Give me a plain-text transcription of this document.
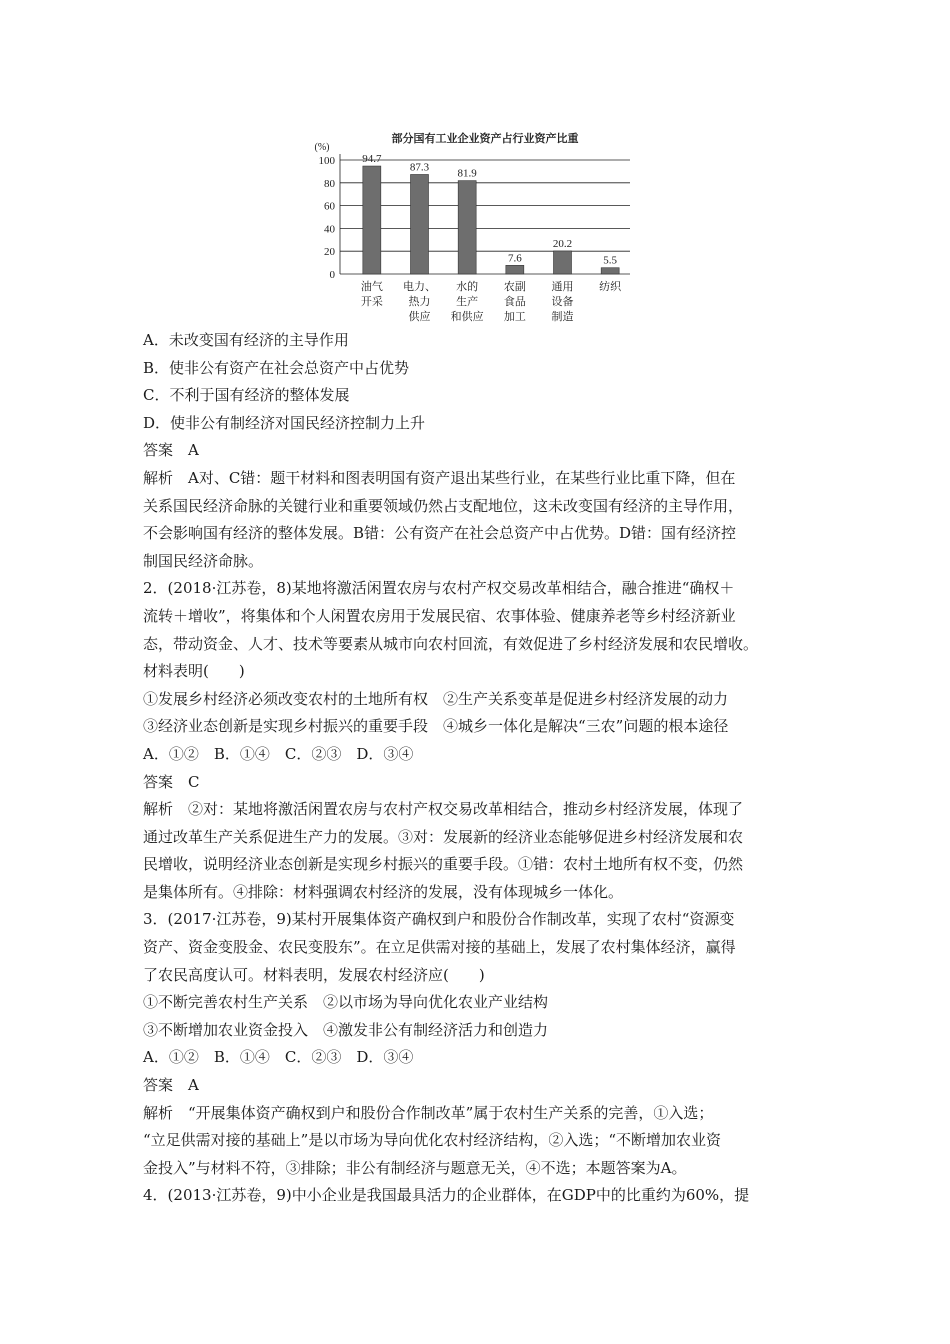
部分国有工业企业资产占行业资产比重
(%)
0
20
40
60
80
100 94.7
油气
开采
87.3
电力、
热力
供应
81.9
水的
生产
和供应
7.6
农副
食品
加工
20.2
通用
设备
制造
5.5
纺织

A．未改变国有经济的主导作用

B．使非公有资产在社会总资产中占优势

C．不利于国有经济的整体发展

D．使非公有制经济对国民经济控制力上升

答案　A

解析　A对、C错：题干材料和图表明国有资产退出某些行业，在某些行业比重下降，但在

关系国民经济命脉的关键行业和重要领域仍然占支配地位，这未改变国有经济的主导作用，

不会影响国有经济的整体发展。B错：公有资产在社会总资产中占优势。D错：国有经济控

制国民经济命脉。

2．(2018·江苏卷，8)某地将激活闲置农房与农村产权交易改革相结合，融合推进“确权＋

流转＋增收”，将集体和个人闲置农房用于发展民宿、农事体验、健康养老等乡村经济新业

态，带动资金、人才、技术等要素从城市向农村回流，有效促进了乡村经济发展和农民增收。

材料表明(　　)

①发展乡村经济必须改变农村的土地所有权　②生产关系变革是促进乡村经济发展的动力

③经济业态创新是实现乡村振兴的重要手段　④城乡一体化是解决“三农”问题的根本途径

A．①②　B．①④　C．②③　D．③④

答案　C

解析　②对：某地将激活闲置农房与农村产权交易改革相结合，推动乡村经济发展，体现了

通过改革生产关系促进生产力的发展。③对：发展新的经济业态能够促进乡村经济发展和农

民增收，说明经济业态创新是实现乡村振兴的重要手段。①错：农村土地所有权不变，仍然

是集体所有。④排除：材料强调农村经济的发展，没有体现城乡一体化。

3．(2017·江苏卷，9)某村开展集体资产确权到户和股份合作制改革，实现了农村“资源变

资产、资金变股金、农民变股东”。在立足供需对接的基础上，发展了农村集体经济，赢得

了农民高度认可。材料表明，发展农村经济应(　　)

①不断完善农村生产关系　②以市场为导向优化农业产业结构

③不断增加农业资金投入　④激发非公有制经济活力和创造力

A．①②　B．①④　C．②③　D．③④

答案　A

解析　“开展集体资产确权到户和股份合作制改革”属于农村生产关系的完善，①入选；

“立足供需对接的基础上”是以市场为导向优化农村经济结构，②入选；“不断增加农业资

金投入”与材料不符，③排除；非公有制经济与题意无关，④不选；本题答案为A。

4．(2013·江苏卷，9)中小企业是我国最具活力的企业群体，在GDP中的比重约为60%，提
